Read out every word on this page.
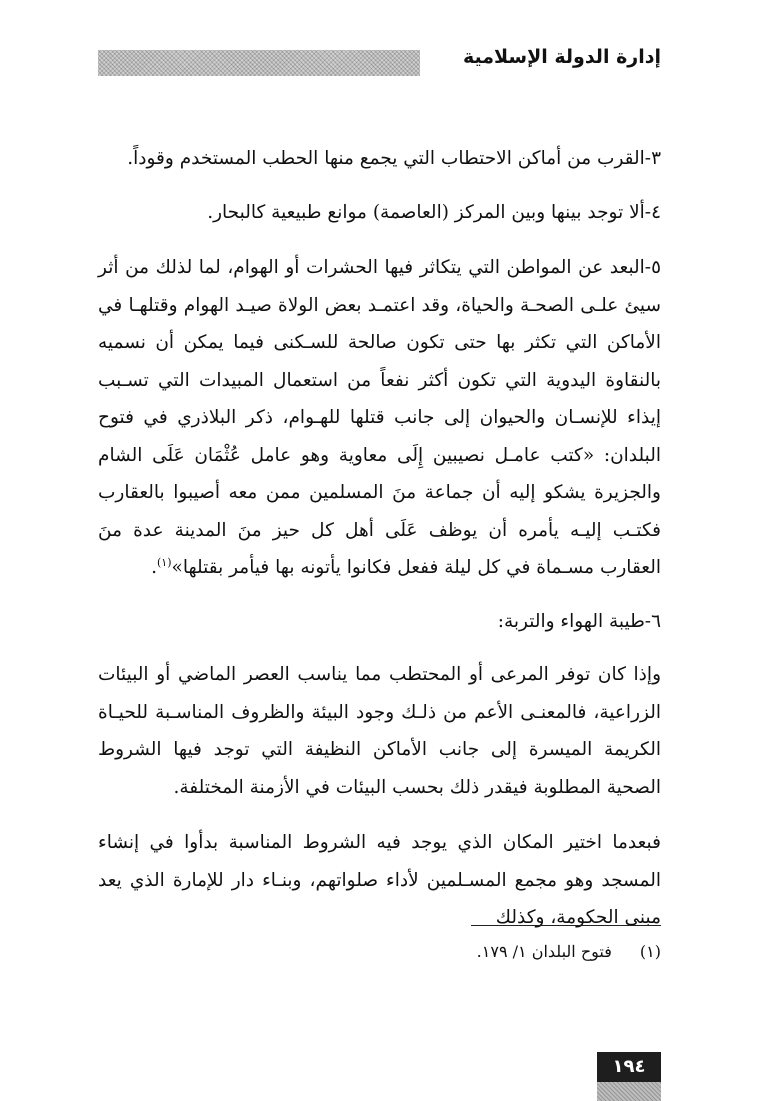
إدارة الدولة الإسلامية

٣-القرب من أماكن الاحتطاب التي يجمع منها الحطب المستخدم وقوداً.

٤-ألا توجد بينها وبين المركز (العاصمة) موانع طبيعية كالبحار.

٥-البعد عن المواطن التي يتكاثر فيها الحشرات أو الهوام، لما لذلك من أثر سيئ علـى الصحـة والحياة، وقد اعتمـد بعض الولاة صيـد الهوام وقتلهـا في الأماكن التي تكثر بها حتى تكون صالحة للسـكنى فيما يمكن أن نسميه بالنقاوة اليدوية التي تكون أكثر نفعاً من استعمال المبيدات التي تسـبب إيذاء للإنسـان والحيوان إلى جانب قتلها للهـوام، ذكر البلاذري في فتوح البلدان: «كتب عامـل نصيبين إِلَى معاوية وهو عامل عُثْمَان عَلَى الشام والجزيرة يشكو إليه أن جماعة منَ المسلمين ممن معه أصيبوا بالعقارب فكتـب إليـه يأمره أن يوظف عَلَى أهل كل حيز منَ المدينة عدة منَ العقارب مسـماة في كل ليلة ففعل فكانوا يأتونه بها فيأمر بقتلها»$^{(١)}$.

٦-طيبة الهواء والتربة:

وإذا كان توفر المرعى أو المحتطب مما يناسب العصر الماضي أو البيئات الزراعية، فالمعنـى الأعم من ذلـك وجود البيئة والظروف المناسـبة للحيـاة الكريمة الميسرة إلى جانب الأماكن النظيفة التي توجد فيها الشروط الصحية المطلوبة فيقدر ذلك بحسب البيئات في الأزمنة المختلفة.

فبعدما اختير المكان الذي يوجد فيه الشروط المناسبة بدأوا في إنشاء المسجد وهو مجمع المسـلمين لأداء صلواتهم، وبنـاء دار للإمارة الذي يعد مبنى الحكومة، وكذلك

(١)فتوح البلدان ١/ ١٧٩.
١٩٤
